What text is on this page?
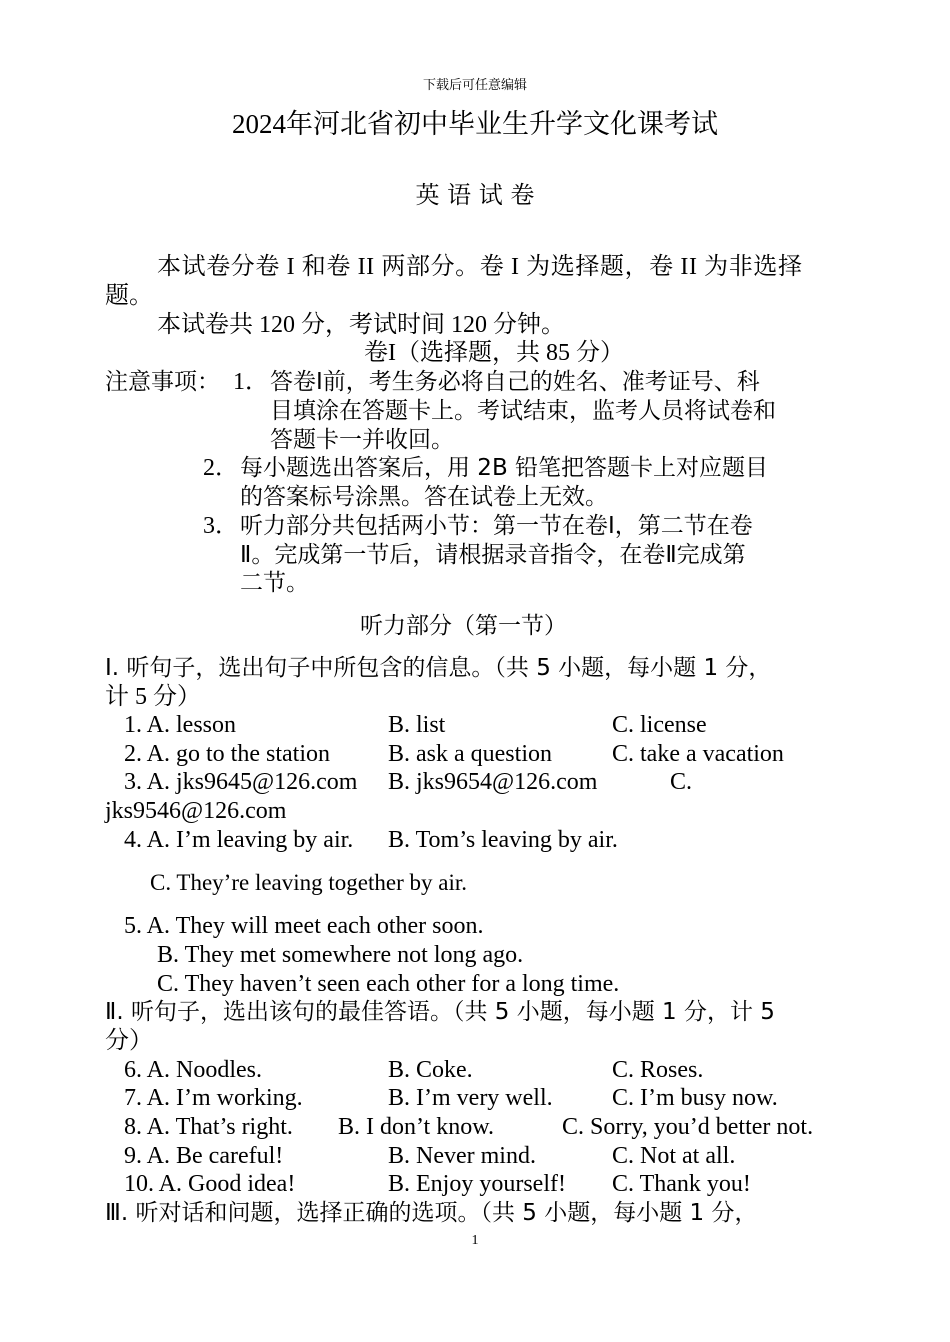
下载后可任意编辑
2024年河北省初中毕业生升学文化课考试
英 语 试 卷
本试卷分卷 I 和卷 II 两部分。卷 I 为选择题，卷 II 为非选择
题。
本试卷共 120 分，考试时间 120 分钟。
卷I（选择题，共 85 分）
注意事项： 1． 答卷Ⅰ前，考生务必将自己的姓名、准考证号、科
目填涂在答题卡上。考试结束，监考人员将试卷和
答题卡一并收回。
2． 每小题选出答案后，用 2B 铅笔把答题卡上对应题目
的答案标号涂黑。答在试卷上无效。
3． 听力部分共包括两小节：第一节在卷Ⅰ，第二节在卷
Ⅱ。完成第一节后，请根据录音指令，在卷Ⅱ完成第
二节。
听力部分（第一节）
I. 听句子，选出句子中所包含的信息。（共 5 小题，每小题 1 分，
计 5 分）
1. A. lesson	B. list	C. license
2. A. go to the station B. ask a question	C. take a vacation
3. A. jks9645@126.com B. jks9654@126.com	C.
jks9546@126.com
4. A. I’m leaving by air. B. Tom’s leaving by air.
C. They’re leaving together by air.
5. A. They will meet each other soon.
B. They met somewhere not long ago.
C. They haven’t seen each other for a long time.
Ⅱ. 听句子，选出该句的最佳答语。（共 5 小题，每小题 1 分，计 5
分）
6. A. Noodles.	B. Coke.	C. Roses.
7. A. I’m working.	B. I’m very well. C. I’m busy now.
8. A. That’s right. B. I don’t know.	C. Sorry, you’d better not.
9. A. Be careful!	B. Never mind.	C. Not at all.
10. A. Good idea!	B. Enjoy yourself! C. Thank you!
Ⅲ. 听对话和问题，选择正确的选项。（共 5 小题，每小题 1 分，
1
